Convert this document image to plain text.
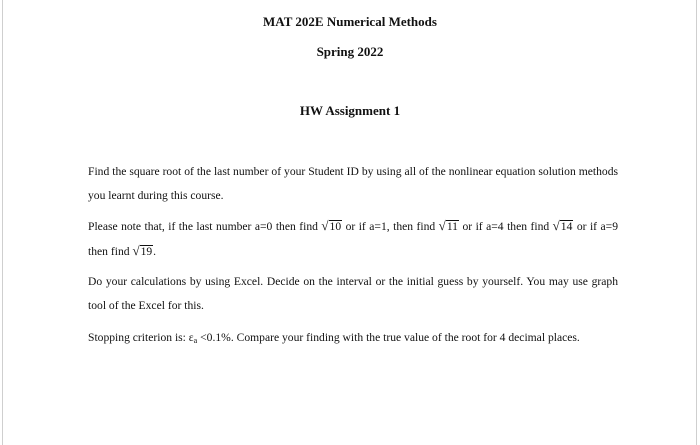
MAT 202E Numerical Methods
Spring 2022
HW Assignment 1
Find the square root of the last number of your Student ID by using all of the nonlinear equation solution methods you learnt during this course.
Please note that, if the last number a=0 then find √10 or if a=1, then find √11 or if a=4 then find √14 or if a=9 then find √19.
Do your calculations by using Excel. Decide on the interval or the initial guess by yourself. You may use graph tool of the Excel for this.
Stopping criterion is: $\varepsilon_a <0.1\%$. Compare your finding with the true value of the root for 4 decimal places.
